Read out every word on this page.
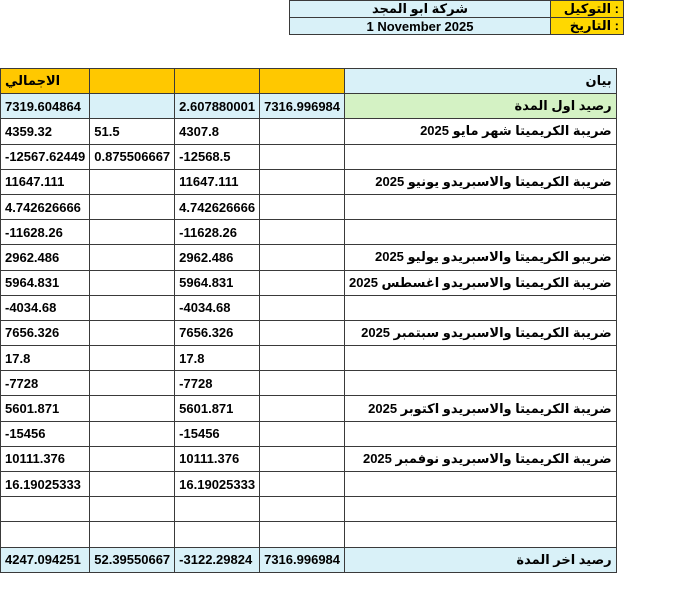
شركة ابو المجد	التوكيل :
1 November 2025	التاريخ :
الاجمالي				بيان
7319.604864		2.607880001	7316.996984	رصيد اول المدة
4359.32	51.5	4307.8		ضريبة الكريميتا شهر مايو 2025
-12567.62449	0.875506667	-12568.5		
11647.111		11647.111		ضريبة الكريميتا والاسبريدو يونيو 2025
4.742626666		4.742626666		
-11628.26		-11628.26		
2962.486		2962.486		ضريبو الكريميتا والاسبريدو يوليو 2025
5964.831		5964.831		ضريبة الكريميتا والاسبريدو اغسطس 2025
-4034.68		-4034.68		
7656.326		7656.326		ضريبة الكريميتا والاسبريدو سبتمبر 2025
17.8		17.8		
-7728		-7728		
5601.871		5601.871		ضريبة الكريميتا والاسبريدو اكتوبر 2025
-15456		-15456		
10111.376		10111.376		ضريبة الكريميتا والاسبريدو نوفمبر 2025
16.19025333		16.19025333		

4247.094251	52.39550667	-3122.29824	7316.996984	رصيد اخر المدة
